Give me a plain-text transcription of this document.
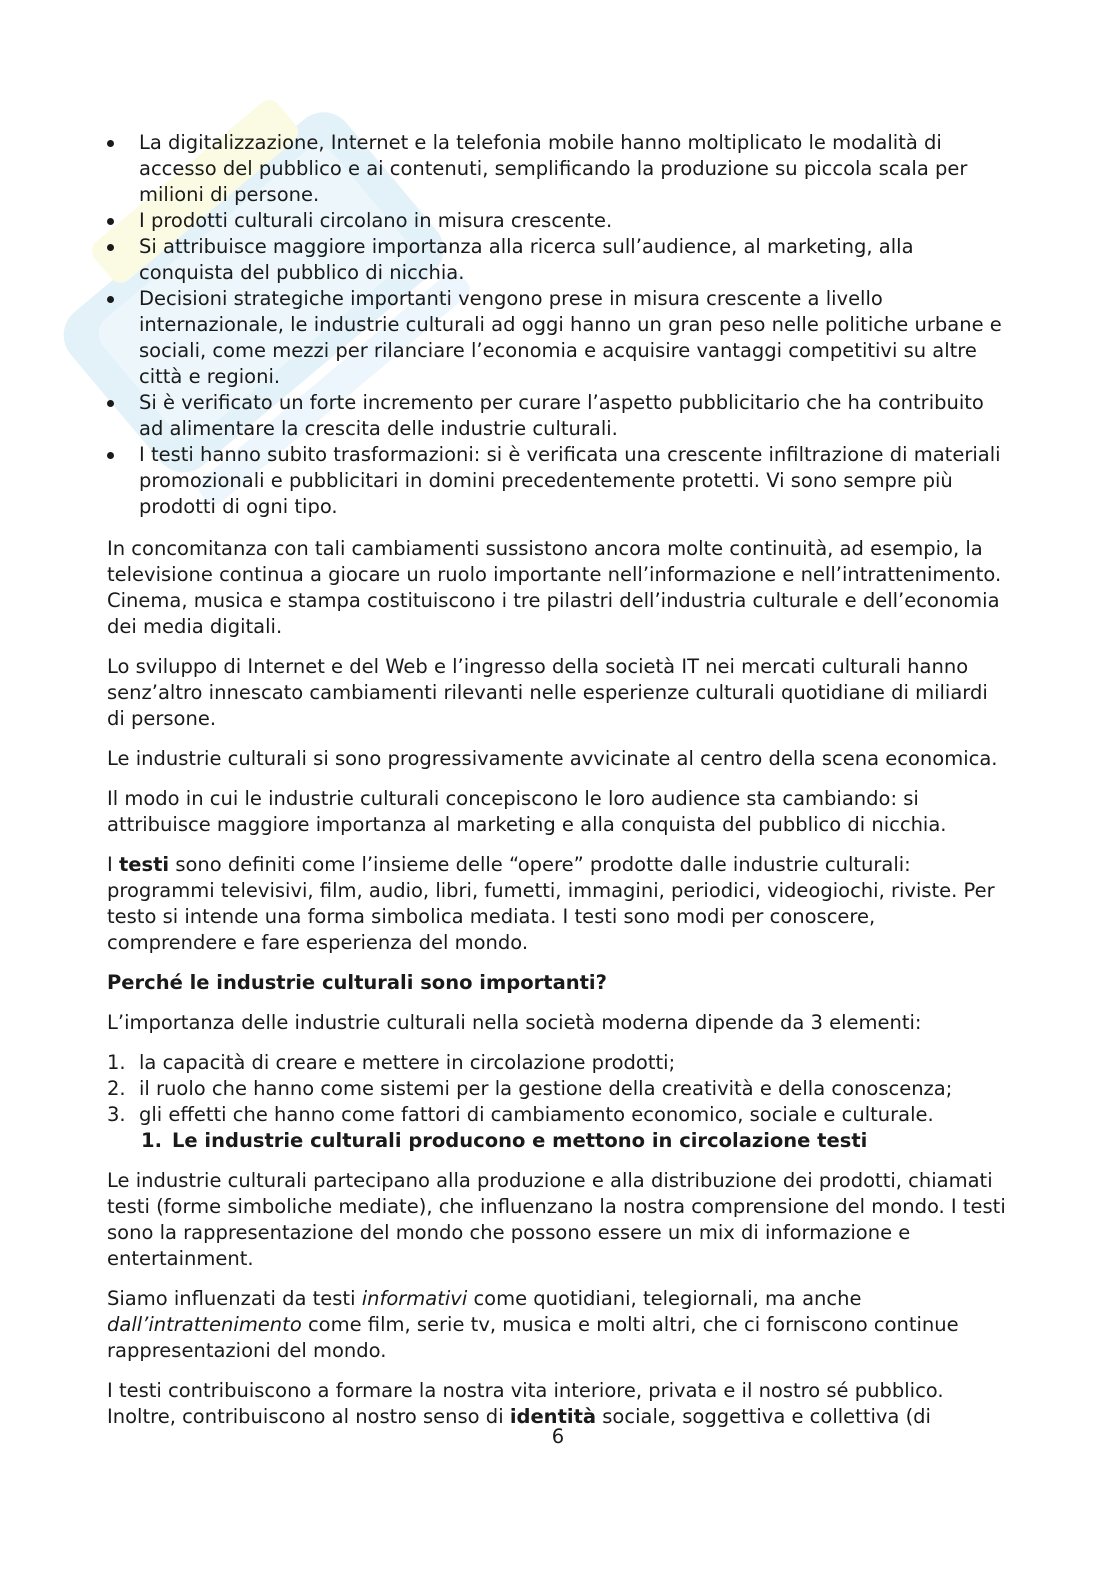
La digitalizzazione, Internet e la telefonia mobile hanno moltiplicato le modalità di accesso del pubblico e ai contenuti, semplificando la produzione su piccola scala per milioni di persone.
I prodotti culturali circolano in misura crescente.
Si attribuisce maggiore importanza alla ricerca sull’audience, al marketing, alla conquista del pubblico di nicchia.
Decisioni strategiche importanti vengono prese in misura crescente a livello internazionale, le industrie culturali ad oggi hanno un gran peso nelle politiche urbane e sociali, come mezzi per rilanciare l’economia e acquisire vantaggi competitivi su altre città e regioni.
Si è verificato un forte incremento per curare l’aspetto pubblicitario che ha contribuito ad alimentare la crescita delle industrie culturali.
I testi hanno subito trasformazioni: si è verificata una crescente infiltrazione di materiali promozionali e pubblicitari in domini precedentemente protetti. Vi sono sempre più prodotti di ogni tipo.

In concomitanza con tali cambiamenti sussistono ancora molte continuità, ad esempio, la televisione continua a giocare un ruolo importante nell’informazione e nell’intrattenimento. Cinema, musica e stampa costituiscono i tre pilastri dell’industria culturale e dell’economia dei media digitali.

Lo sviluppo di Internet e del Web e l’ingresso della società IT nei mercati culturali hanno senz’altro innescato cambiamenti rilevanti nelle esperienze culturali quotidiane di miliardi di persone.

Le industrie culturali si sono progressivamente avvicinate al centro della scena economica.

Il modo in cui le industrie culturali concepiscono le loro audience sta cambiando: si attribuisce maggiore importanza al marketing e alla conquista del pubblico di nicchia.

I testi sono definiti come l’insieme delle “opere” prodotte dalle industrie culturali: programmi televisivi, film, audio, libri, fumetti, immagini, periodici, videogiochi, riviste. Per testo si intende una forma simbolica mediata. I testi sono modi per conoscere, comprendere e fare esperienza del mondo.

Perché le industrie culturali sono importanti?

L’importanza delle industrie culturali nella società moderna dipende da 3 elementi:

1. la capacità di creare e mettere in circolazione prodotti;
2. il ruolo che hanno come sistemi per la gestione della creatività e della conoscenza;
3. gli effetti che hanno come fattori di cambiamento economico, sociale e culturale.
1. Le industrie culturali producono e mettono in circolazione testi

Le industrie culturali partecipano alla produzione e alla distribuzione dei prodotti, chiamati testi (forme simboliche mediate), che influenzano la nostra comprensione del mondo. I testi sono la rappresentazione del mondo che possono essere un mix di informazione e entertainment.

Siamo influenzati da testi informativi come quotidiani, telegiornali, ma anche dall’intrattenimento come film, serie tv, musica e molti altri, che ci forniscono continue rappresentazioni del mondo.

I testi contribuiscono a formare la nostra vita interiore, privata e il nostro sé pubblico. Inoltre, contribuiscono al nostro senso di identità sociale, soggettiva e collettiva (di

6
